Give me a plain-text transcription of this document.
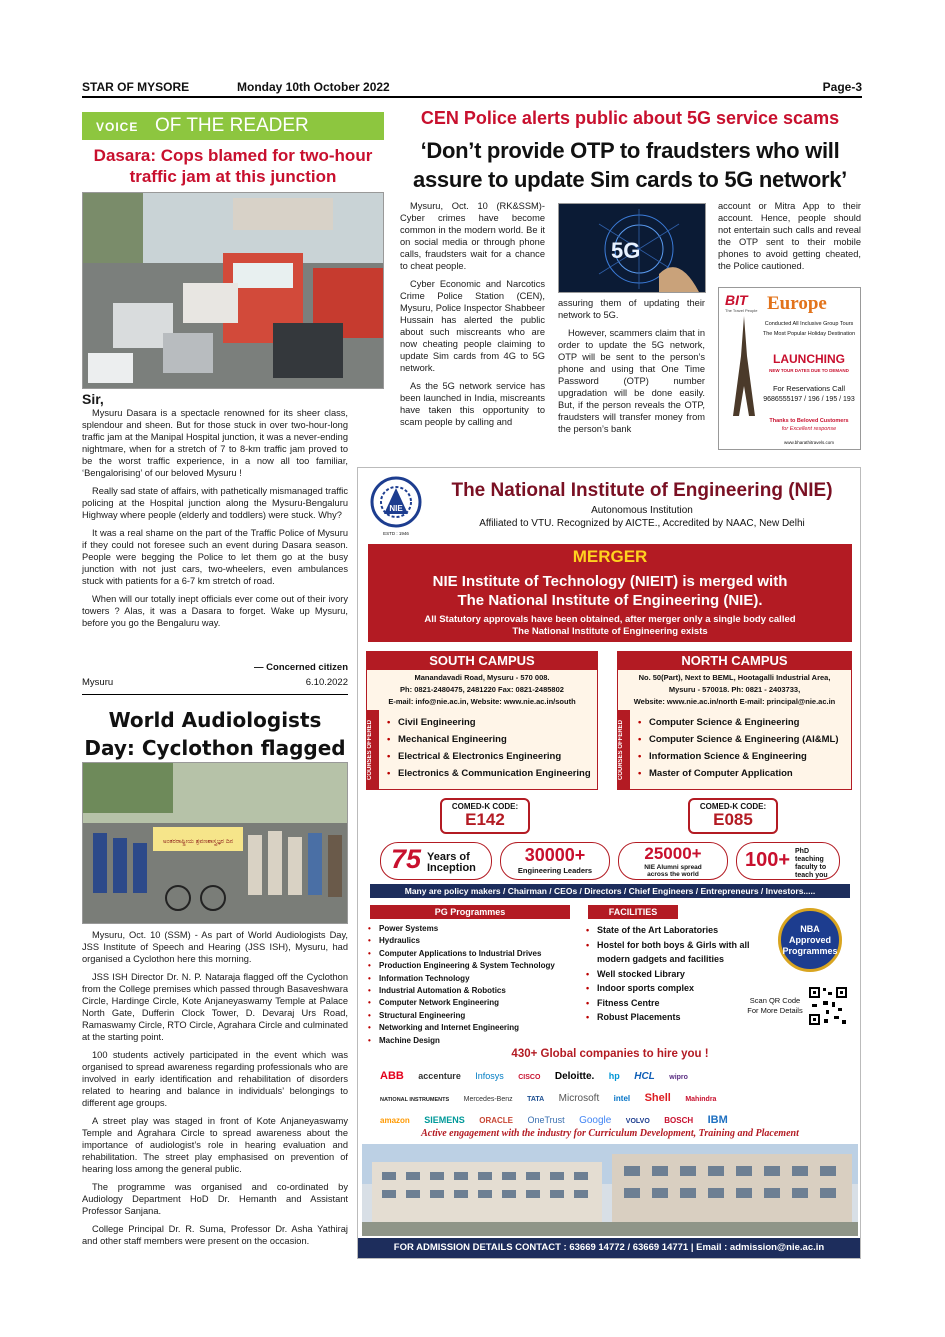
STAR OF MYSORE	Monday 10th October 2022	Page-3
VOICE OF THE READER
Dasara: Cops blamed for two-hour traffic jam at this junction

Sir,

Mysuru Dasara is a spectacle renowned for its sheer class, splendour and sheen. But for those stuck in over two-hour-long traffic jam at the Manipal Hospital junction, it was a never-ending nightmare, when for a stretch of 7 to 8-km traffic jam proved to be the worst traffic experience, in a now all too familiar, ‘Bengalorising’ of our beloved Mysuru !

Really sad state of affairs, with pathetically mismanaged traffic policing at the Hospital junction along the Mysuru-Bengaluru Highway where people (elderly and toddlers) were stuck. Why?

It was a real shame on the part of the Traffic Police of Mysuru if they could not foresee such an event during Dasara season. People were begging the Police to let them go at the busy junction with not just cars, two-wheelers, even ambulances stuck with patients for a 6-7 km stretch of road.

When will our totally inept officials ever come out of their ivory towers ? Alas, it was a Dasara to forget. Wake up Mysuru, before you go the Bengaluru way.

— Concerned citizen
Mysuru	6.10.2022
World Audiologists Day: Cyclothon flagged
ಅಂತರರಾಷ್ಟ್ರೀಯ ಶ್ರವಣಶಾಸ್ತ್ರಜ್ಞರ ದಿನ

Mysuru, Oct. 10 (SSM) - As part of World Audiologists Day, JSS Institute of Speech and Hearing (JSS ISH), Mysuru, had organised a Cyclothon here this morning.

JSS ISH Director Dr. N. P. Nataraja flagged off the Cyclothon from the College premises which passed through Basaveshwara Circle, Hardinge Circle, Kote Anjaneyaswamy Temple at Palace North Gate, Dufferin Clock Tower, D. Devaraj Urs Road, Ramaswamy Circle, RTO Circle, Agrahara Circle and culminated at the starting point.

100 students actively participated in the event which was organised to spread awareness regarding professionals who are involved in early identification and rehabilitation of disorders related to hearing and balance in individuals’ belongings to different age groups.

A street play was staged in front of Kote Anjaneyaswamy Temple and Agrahara Circle to spread awareness about the importance of audiologist’s role in hearing evaluation and rehabilitation. The street play emphasised on prevention of hearing loss among the general public.

The programme was organised and co-ordinated by Audiology Department HoD Dr. Hemanth and Assistant Professor Sanjana.

College Principal Dr. R. Suma, Professor Dr. Asha Yathiraj and other staff members were present on the occasion.

CEN Police alerts public about 5G service scams
‘Don’t provide OTP to fraudsters who will assure to update Sim cards to 5G network’

Mysuru, Oct. 10 (RK&SSM)- Cyber crimes have become common in the modern world. Be it on social media or through phone calls, fraudsters wait for a chance to cheat people.

Cyber Economic and Narcotics Crime Police Station (CEN), Mysuru, Police Inspector Shabbeer Hussain has alerted the public about such miscreants who are now cheating people claiming to update Sim cards from 4G to 5G network.

As the 5G network service has been launched in India, miscreants have taken this opportunity to scam people by calling and

5G

assuring them of updating their network to 5G.

However, scammers claim that in order to update the 5G network, OTP will be sent to the person’s phone and using that One Time Password (OTP) number upgradation will be done easily. But, if the person reveals the OTP, fraudsters will transfer money from the person’s bank

account or Mitra App to their account. Hence, people should not entertain such calls and reveal the OTP sent to their mobile phones to avoid getting cheated, the Police cautioned.

BIT
The Travel People Europe
Conducted All Inclusive Group Tours
The Most Popular Holiday Destination
LAUNCHING
NEW TOUR DATES DUE TO DEMAND
For Reservations Call
9686555197 / 196 / 195 / 193
Thanks to Beloved Customers
for Excellent response
www.bharathitravels.com
NIE
ESTD : 1946
The National Institute of Engineering (NIE)
Autonomous Institution
Affiliated to VTU. Recognized by AICTE., Accredited by NAAC, New Delhi
MERGER
NIE Institute of Technology (NIEIT) is merged with
The National Institute of Engineering (NIE).
All Statutory approvals have been obtained, after merger only a single body called
The National Institute of Engineering exists
SOUTH CAMPUS
Manandavadi Road, Mysuru - 570 008.
Ph: 0821-2480475, 2481220 Fax: 0821-2485802
E-mail: info@nie.ac.in, Website: www.nie.ac.in/south
COURSES OFFERED	• Civil Engineering
• Mechanical Engineering
• Electrical & Electronics Engineering
• Electronics & Communication Engineering
NORTH CAMPUS
No. 50(Part), Next to BEML, Hootagalli Industrial Area,
Mysuru - 570018. Ph: 0821 - 2403733,
Website: www.nie.ac.in/north E-mail: principal@nie.ac.in
COURSES OFFERED	• Computer Science & Engineering
• Computer Science & Engineering (AI&ML)
• Information Science & Engineering
• Master of Computer Application
COMED-K CODE:
E142
COMED-K CODE:
E085
75 Years of Inception
30000+
Engineering Leaders
25000+
NIE Alumni spread across the world
100+ PhD teaching faculty to teach you
Many are policy makers / Chairman / CEOs / Directors / Chief Engineers / Entrepreneurs / Investors.....
PG Programmes
• Power Systems
• Hydraulics
• Computer Applications to Industrial Drives
• Production Engineering & System Technology
• Information Technology
• Industrial Automation & Robotics
• Computer Network Engineering
• Structural Engineering
• Networking and Internet Engineering
• Machine Design
FACILITIES
• State of the Art Laboratories
• Hostel for both boys & Girls with all modern gadgets and facilities
• Well stocked Library
• Indoor sports complex
• Fitness Centre
• Robust Placements
NBA Approved Programmes
Scan QR Code For More Details
430+ Global companies to hire you !
ABB accenture Infosys CISCO Deloitte. hp HCL wipro
NATIONAL INSTRUMENTS Mercedes-Benz TATA Microsoft intel Shell Mahindra
amazon SIEMENS ORACLE OneTrust Google VOLVO BOSCH IBM
Active engagement with the industry for Curriculum Development, Training and Placement
FOR ADMISSION DETAILS CONTACT : 63669 14772 / 63669 14771 | Email : admission@nie.ac.in
